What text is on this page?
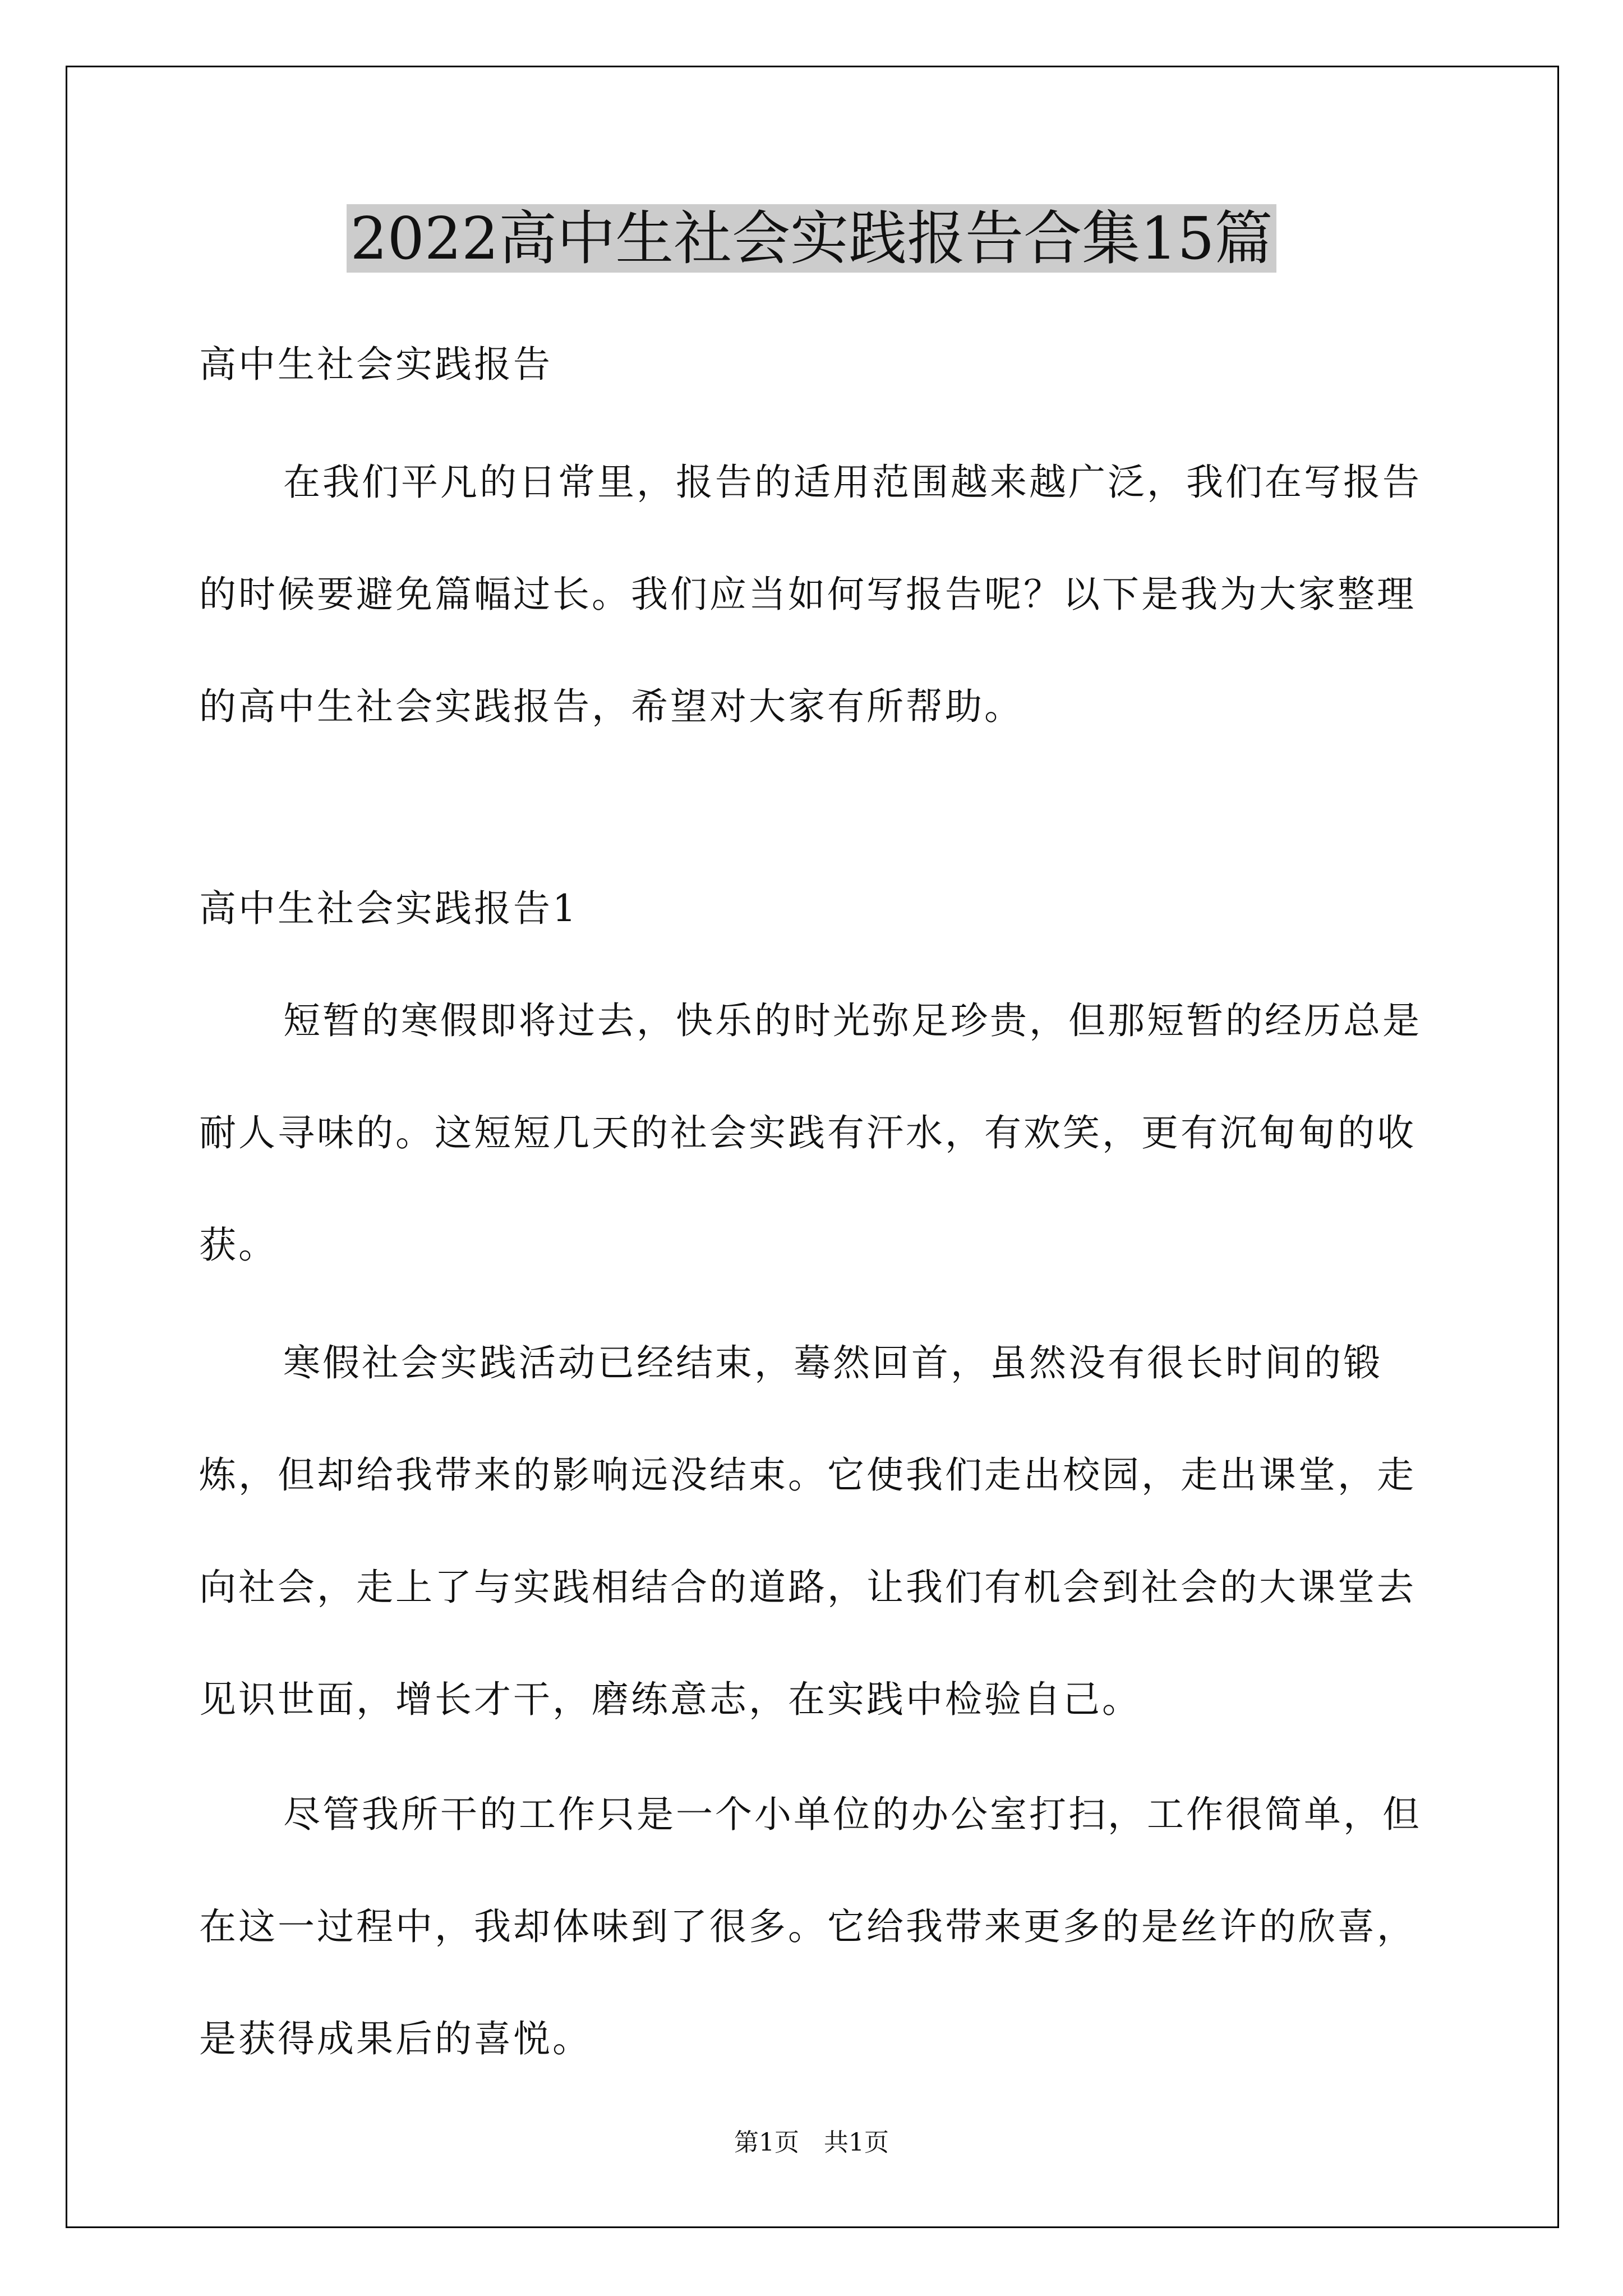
2022高中生社会实践报告合集15篇

高中生社会实践报告

在我们平凡的日常里，报告的适用范围越来越广泛，我们在写报告的时候要避免篇幅过长。我们应当如何写报告呢？以下是我为大家整理的高中生社会实践报告，希望对大家有所帮助。

高中生社会实践报告1

短暂的寒假即将过去，快乐的时光弥足珍贵，但那短暂的经历总是耐人寻味的。这短短几天的社会实践有汗水，有欢笑，更有沉甸甸的收获。

寒假社会实践活动已经结束，蓦然回首，虽然没有很长时间的锻炼，但却给我带来的影响远没结束。它使我们走出校园，走出课堂，走向社会，走上了与实践相结合的道路，让我们有机会到社会的大课堂去见识世面，增长才干，磨练意志，在实践中检验自己。

尽管我所干的工作只是一个小单位的办公室打扫，工作很简单，但在这一过程中，我却体味到了很多。它给我带来更多的是丝许的欣喜，是获得成果后的喜悦。

第1页　共1页
